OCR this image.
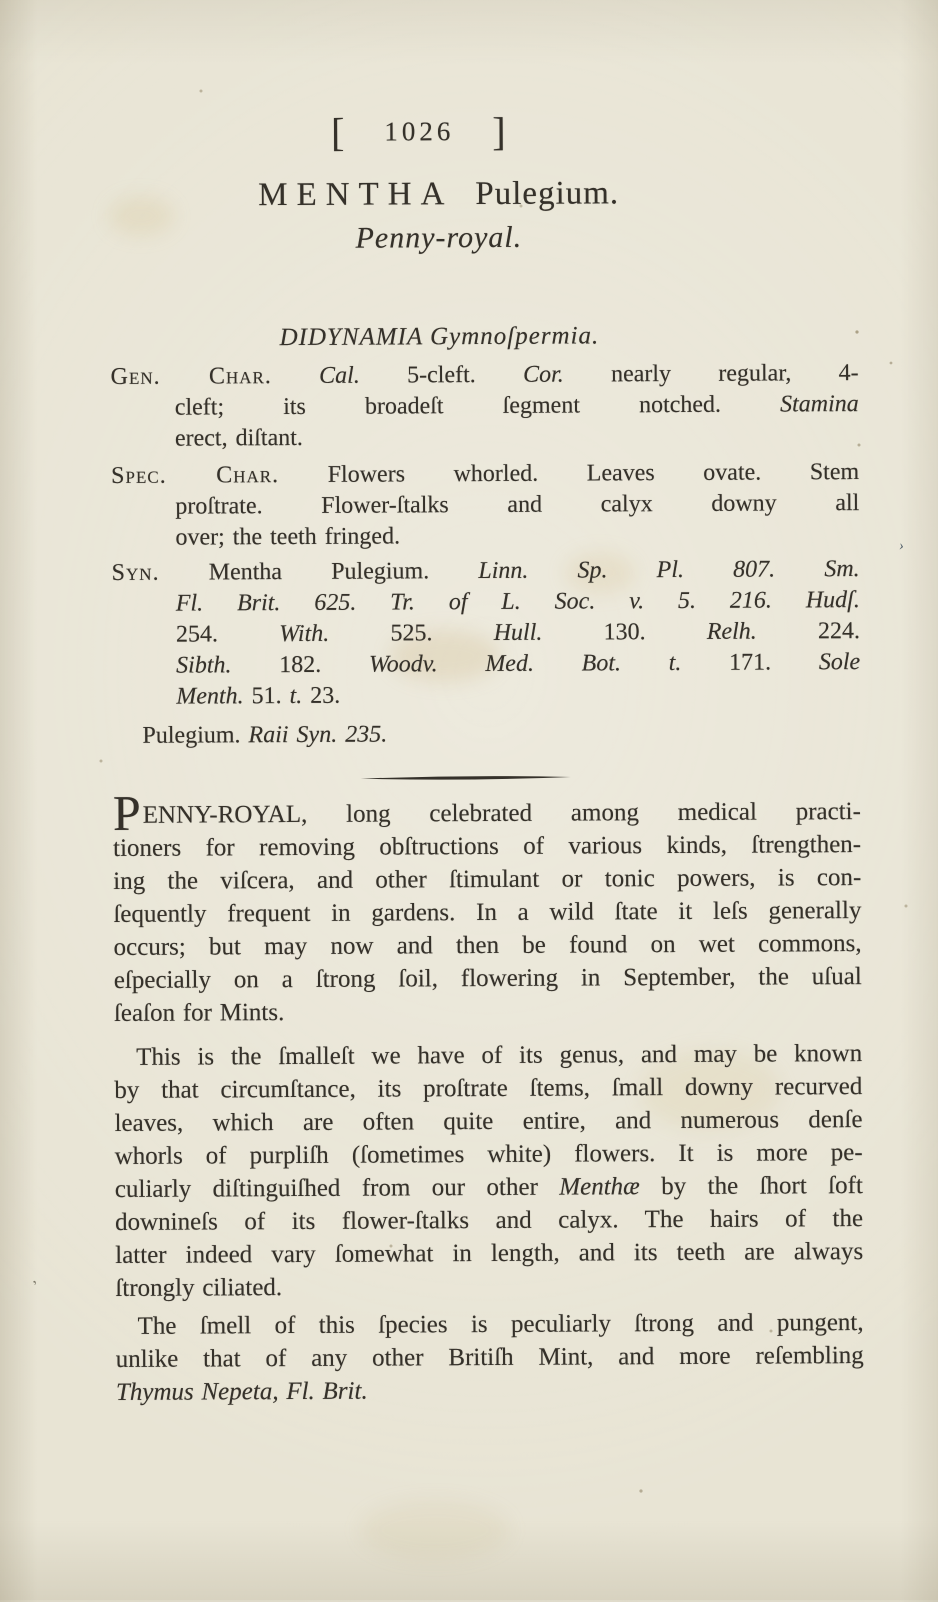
›
‚
[ 1026 ]
MENTHA Pulegium.
Penny-royal.
DIDYNAMIA Gymnoſpermia.
Gen. Char. Cal. 5-cleft. Cor. nearly regular, 4-
cleft; its broadeſt ſegment notched. Stamina
erect, diſtant.
Spec. Char. Flowers whorled. Leaves ovate. Stem
proſtrate. Flower-ſtalks and calyx downy all
over; the teeth fringed.
Syn. Mentha Pulegium. Linn. Sp. Pl. 807. Sm.
Fl. Brit. 625. Tr. of L. Soc. v. 5. 216. Hudſ.
254. With. 525. Hull. 130. Relh. 224.
Sibth. 182. Woodv. Med. Bot. t. 171. Sole
Menth. 51. t. 23.
Pulegium. Raii Syn. 235.
PENNY-ROYAL, long celebrated among medical practi-
tioners for removing obſtructions of various kinds, ſtrengthen-
ing the viſcera, and other ſtimulant or tonic powers, is con-
ſequently frequent in gardens. In a wild ſtate it leſs generally
occurs; but may now and then be found on wet commons,
eſpecially on a ſtrong ſoil, flowering in September, the uſual
ſeaſon for Mints.
This is the ſmalleſt we have of its genus, and may be known
by that circumſtance, its proſtrate ſtems, ſmall downy recurved
leaves, which are often quite entire, and numerous denſe
whorls of purpliſh (ſometimes white) flowers. It is more pe-
culiarly diſtinguiſhed from our other Menthæ by the ſhort ſoft
downineſs of its flower-ſtalks and calyx. The hairs of the
latter indeed vary ſomewhat in length, and its teeth are always
ſtrongly ciliated.
The ſmell of this ſpecies is peculiarly ſtrong and pungent,
unlike that of any other Britiſh Mint, and more reſembling
Thymus Nepeta, Fl. Brit.
